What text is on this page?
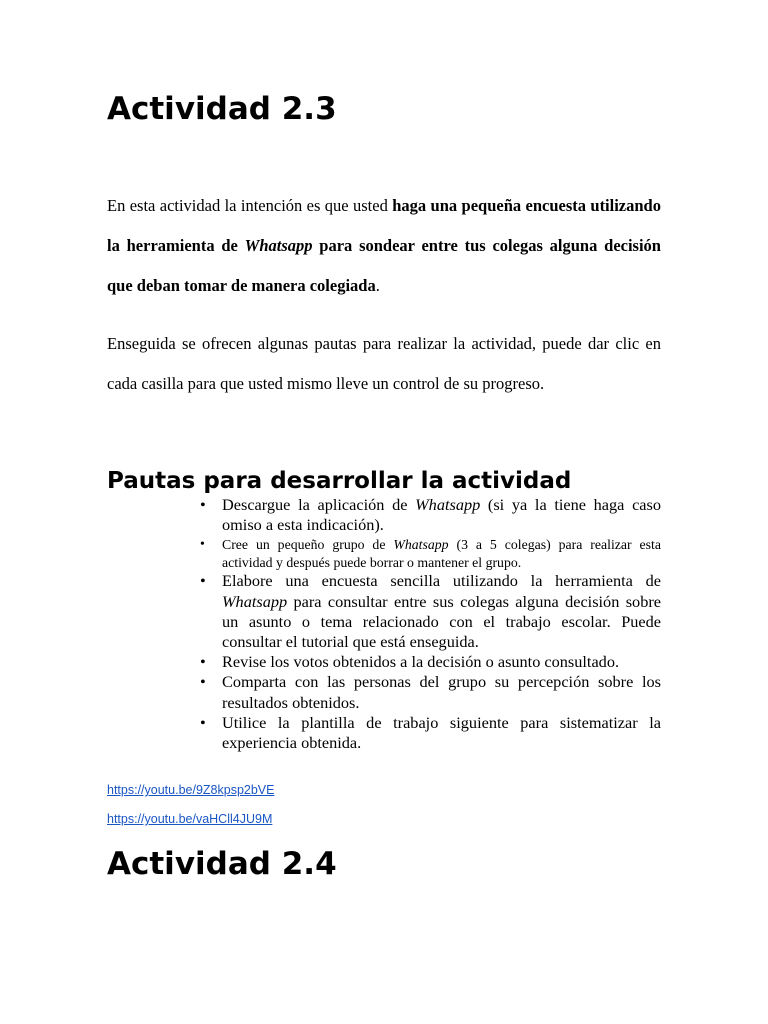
Actividad 2.3

En esta actividad la intención es que usted haga una pequeña encuesta utilizando la herramienta de Whatsapp para sondear entre tus colegas alguna decisión que deban tomar de manera colegiada.

Enseguida se ofrecen algunas pautas para realizar la actividad, puede dar clic en cada casilla para que usted mismo lleve un control de su progreso.

Pautas para desarrollar la actividad
• Descargue la aplicación de Whatsapp (si ya la tiene haga caso omiso a esta indicación).
• Cree un pequeño grupo de Whatsapp (3 a 5 colegas) para realizar esta actividad y después puede borrar o mantener el grupo.
• Elabore una encuesta sencilla utilizando la herramienta de Whatsapp para consultar entre sus colegas alguna decisión sobre un asunto o tema relacionado con el trabajo escolar. Puede consultar el tutorial que está enseguida.
• Revise los votos obtenidos a la decisión o asunto consultado.
• Comparta con las personas del grupo su percepción sobre los resultados obtenidos.
• Utilice la plantilla de trabajo siguiente para sistematizar la experiencia obtenida.
https://youtu.be/9Z8kpsp2bVE
https://youtu.be/vaHCll4JU9M
Actividad 2.4
